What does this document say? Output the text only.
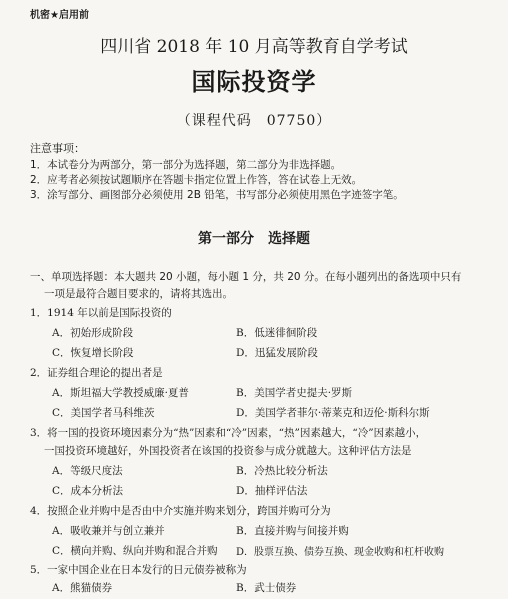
机密★启用前
四川省 2018 年 10 月高等教育自学考试
国际投资学
（课程代码　07750）
注意事项：
1．本试卷分为两部分，第一部分为选择题，第二部分为非选择题。
2．应考者必须按试题顺序在答题卡指定位置上作答，答在试卷上无效。
3．涂写部分、画图部分必须使用 2B 铅笔，书写部分必须使用黑色字迹签字笔。
第一部分　选择题
一、单项选择题：本大题共 20 小题，每小题 1 分，共 20 分。在每小题列出的备选项中只有
一项是最符合题目要求的，请将其选出。
1．1914 年以前是国际投资的
A．初始形成阶段	B．低迷徘徊阶段
C．恢复增长阶段	D．迅猛发展阶段
2．证券组合理论的提出者是
A．斯坦福大学教授威廉·夏普	B．美国学者史提夫·罗斯
C．美国学者马科维茨	D．美国学者菲尔·蒂莱克和迈伦·斯科尔斯
3．将一国的投资环境因素分为“热”因素和“冷”因素，“热”因素越大，“冷”因素越小，
一国投资环境越好，外国投资者在该国的投资参与成分就越大。这种评估方法是
A．等级尺度法	B．冷热比较分析法
C．成本分析法	D．抽样评估法
4．按照企业并购中是否由中介实施并购来划分，跨国并购可分为
A．吸收兼并与创立兼并	B．直接并购与间接并购
C．横向并购、纵向并购和混合并购 D．股票互换、债券互换、现金收购和杠杆收购
5．一家中国企业在日本发行的日元债券被称为
A．熊猫债券	B．武士债券
